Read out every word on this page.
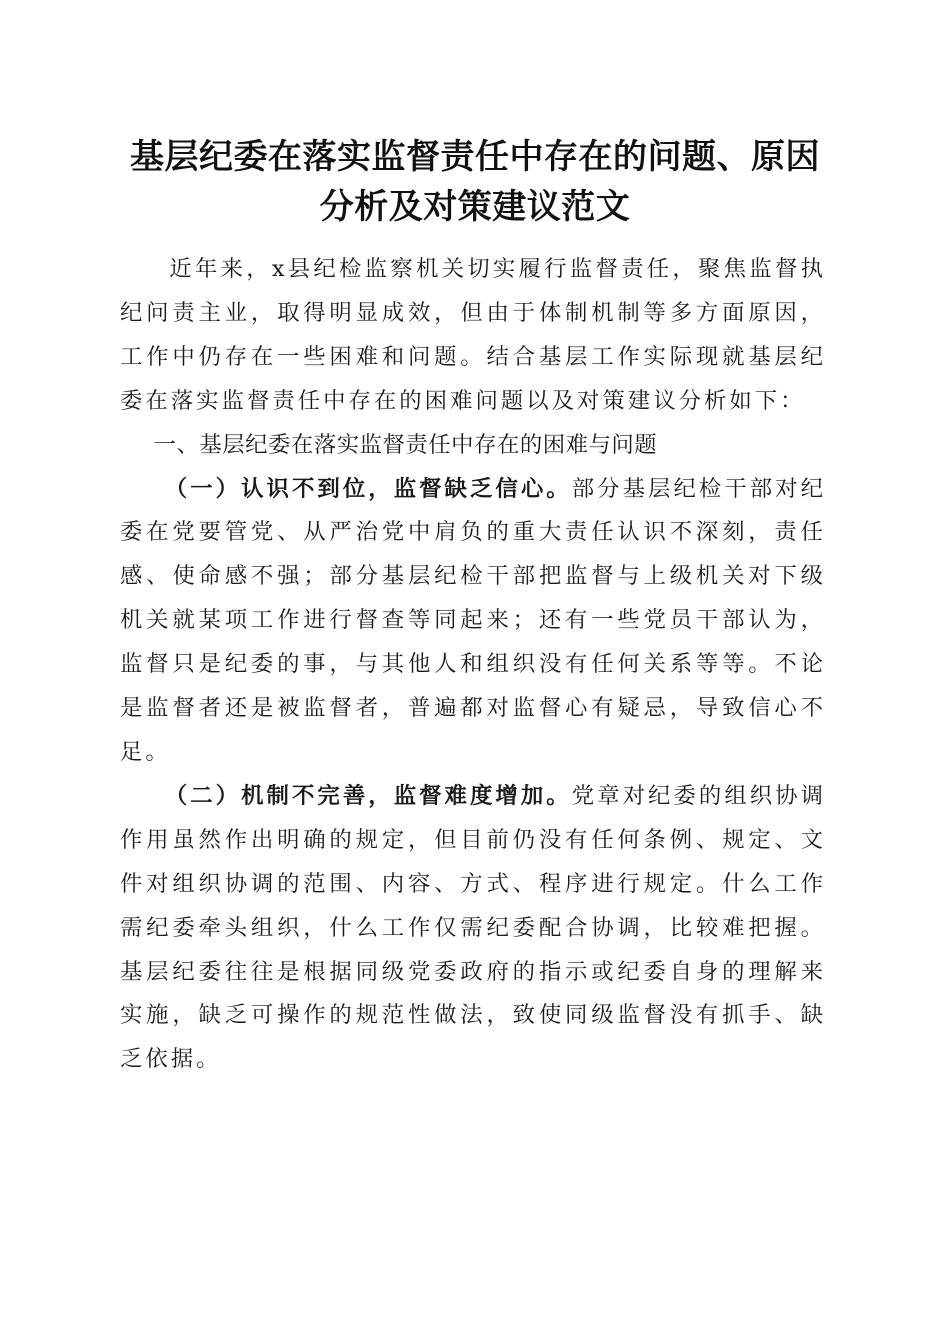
基层纪委在落实监督责任中存在的问题、原因
分析及对策建议范文

近年来，x县纪检监察机关切实履行监督责任，聚焦监督执纪问责主业，取得明显成效，但由于体制机制等多方面原因，工作中仍存在一些困难和问题。结合基层工作实际现就基层纪委在落实监督责任中存在的困难问题以及对策建议分析如下：

一、基层纪委在落实监督责任中存在的困难与问题

（一）认识不到位，监督缺乏信心。部分基层纪检干部对纪委在党要管党、从严治党中肩负的重大责任认识不深刻，责任感、使命感不强；部分基层纪检干部把监督与上级机关对下级机关就某项工作进行督查等同起来；还有一些党员干部认为，监督只是纪委的事，与其他人和组织没有任何关系等等。不论是监督者还是被监督者，普遍都对监督心有疑忌，导致信心不足。

（二）机制不完善，监督难度增加。党章对纪委的组织协调作用虽然作出明确的规定，但目前仍没有任何条例、规定、文件对组织协调的范围、内容、方式、程序进行规定。什么工作需纪委牵头组织，什么工作仅需纪委配合协调，比较难把握。基层纪委往往是根据同级党委政府的指示或纪委自身的理解来实施，缺乏可操作的规范性做法，致使同级监督没有抓手、缺乏依据。
